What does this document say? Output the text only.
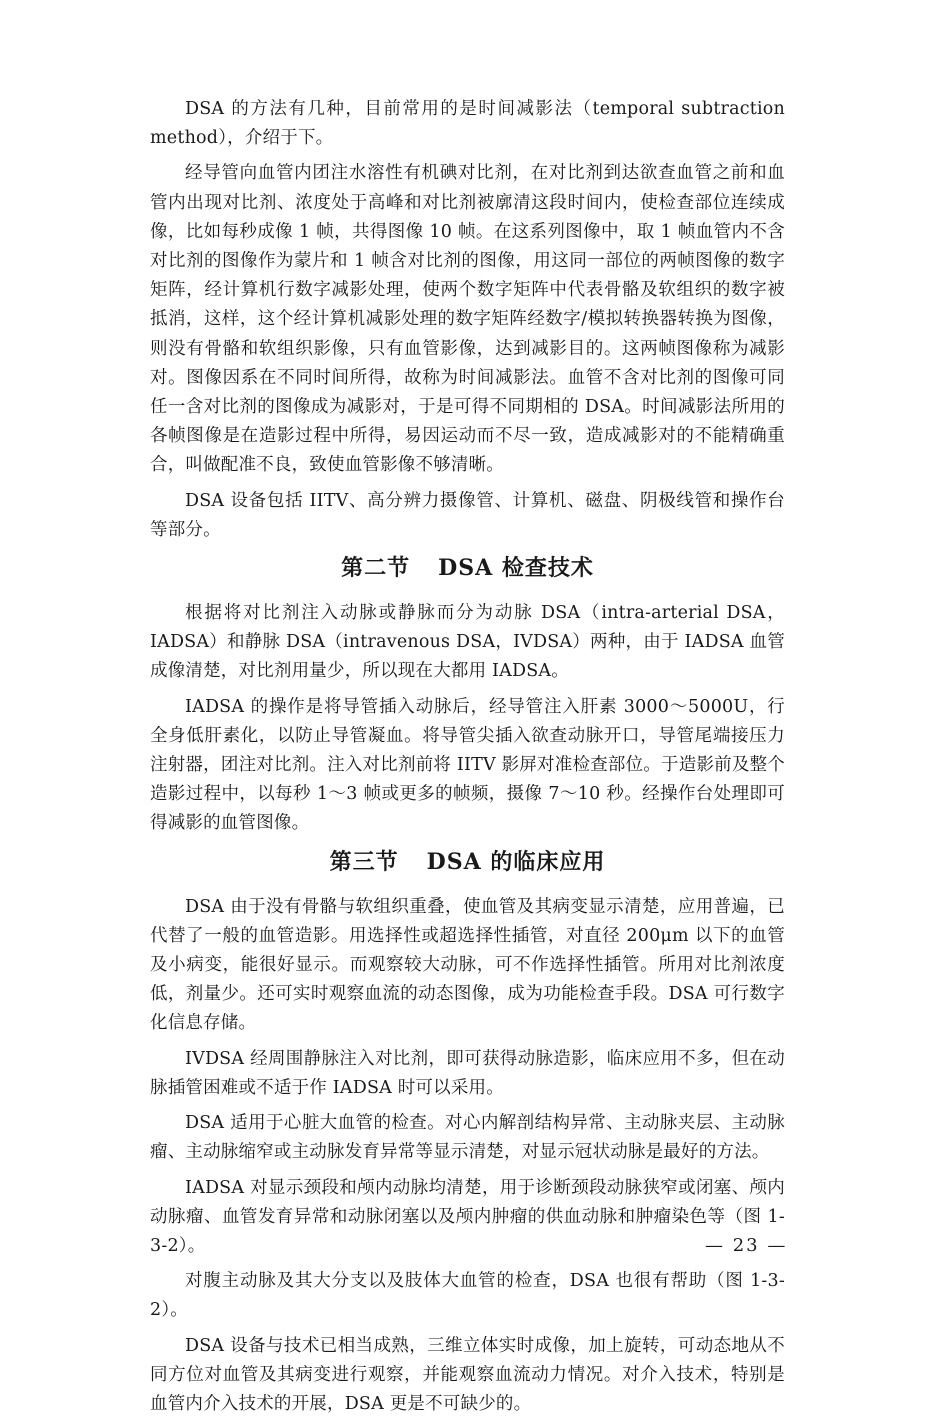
DSA 的方法有几种，目前常用的是时间减影法（temporal subtraction method），介绍于下。

经导管向血管内团注水溶性有机碘对比剂，在对比剂到达欲查血管之前和血管内出现对比剂、浓度处于高峰和对比剂被廓清这段时间内，使检查部位连续成像，比如每秒成像 1 帧，共得图像 10 帧。在这系列图像中，取 1 帧血管内不含对比剂的图像作为蒙片和 1 帧含对比剂的图像，用这同一部位的两帧图像的数字矩阵，经计算机行数字减影处理，使两个数字矩阵中代表骨骼及软组织的数字被抵消，这样，这个经计算机减影处理的数字矩阵经数字/模拟转换器转换为图像，则没有骨骼和软组织影像，只有血管影像，达到减影目的。这两帧图像称为减影对。图像因系在不同时间所得，故称为时间减影法。血管不含对比剂的图像可同任一含对比剂的图像成为减影对，于是可得不同期相的 DSA。时间减影法所用的各帧图像是在造影过程中所得，易因运动而不尽一致，造成减影对的不能精确重合，叫做配准不良，致使血管影像不够清晰。

DSA 设备包括 IITV、高分辨力摄像管、计算机、磁盘、阴极线管和操作台等部分。

第二节 DSA 检查技术

根据将对比剂注入动脉或静脉而分为动脉 DSA（intra-arterial DSA，IADSA）和静脉 DSA（intravenous DSA，IVDSA）两种，由于 IADSA 血管成像清楚，对比剂用量少，所以现在大都用 IADSA。

IADSA 的操作是将导管插入动脉后，经导管注入肝素 3000～5000U，行全身低肝素化，以防止导管凝血。将导管尖插入欲查动脉开口，导管尾端接压力注射器，团注对比剂。注入对比剂前将 IITV 影屏对准检查部位。于造影前及整个造影过程中，以每秒 1～3 帧或更多的帧频，摄像 7～10 秒。经操作台处理即可得减影的血管图像。

第三节 DSA 的临床应用

DSA 由于没有骨骼与软组织重叠，使血管及其病变显示清楚，应用普遍，已代替了一般的血管造影。用选择性或超选择性插管，对直径 200μm 以下的血管及小病变，能很好显示。而观察较大动脉，可不作选择性插管。所用对比剂浓度低，剂量少。还可实时观察血流的动态图像，成为功能检查手段。DSA 可行数字化信息存储。

IVDSA 经周围静脉注入对比剂，即可获得动脉造影，临床应用不多，但在动脉插管困难或不适于作 IADSA 时可以采用。

DSA 适用于心脏大血管的检查。对心内解剖结构异常、主动脉夹层、主动脉瘤、主动脉缩窄或主动脉发育异常等显示清楚，对显示冠状动脉是最好的方法。

IADSA 对显示颈段和颅内动脉均清楚，用于诊断颈段动脉狭窄或闭塞、颅内动脉瘤、血管发育异常和动脉闭塞以及颅内肿瘤的供血动脉和肿瘤染色等（图 1-3-2）。

对腹主动脉及其大分支以及肢体大血管的检查，DSA 也很有帮助（图 1-3-2）。

DSA 设备与技术已相当成熟，三维立体实时成像，加上旋转，可动态地从不同方位对血管及其病变进行观察，并能观察血流动力情况。对介入技术，特别是血管内介入技术的开展，DSA 更是不可缺少的。

— 23 —
